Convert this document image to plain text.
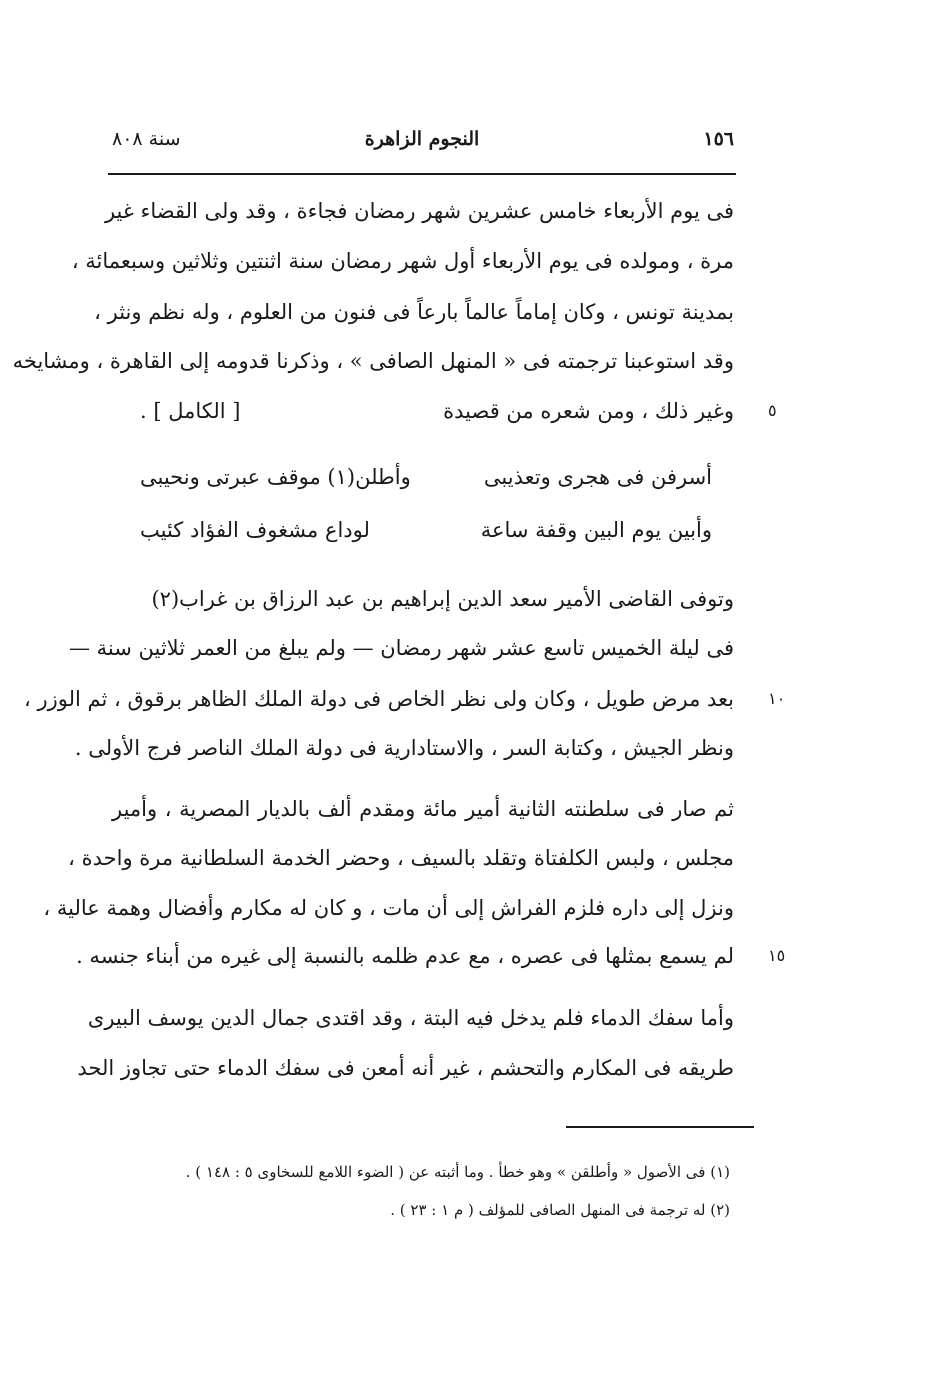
١٥٦
النجوم الزاهرة
سنة ٨٠٨
فى يوم الأربعاء خامس عشرين شهر رمضان فجاءة ، وقد ولى القضاء غير
مرة ، ومولده فى يوم الأربعاء أول شهر رمضان سنة اثنتين وثلاثين وسبعمائة ،
بمدينة تونس ، وكان إماماً عالماً بارعاً فى فنون من العلوم ، وله نظم ونثر ،
وقد استوعبنا ترجمته فى « المنهل الصافى » ، وذكرنا قدومه إلى القاهرة ، ومشايخه
وغير ذلك ، ومن شعره من قصيدة
[ الكامل ] .	٥
أسرفن فى هجرى وتعذيبى
وأطلن(١) موقف عبرتى ونحيبى
وأبين يوم البين وقفة ساعة
لوداع مشغوف الفؤاد كئيب
وتوفى القاضى الأمير سعد الدين إبراهيم بن عبد الرزاق بن غراب(٢)
فى ليلة الخميس تاسع عشر شهر رمضان — ولم يبلغ من العمر ثلاثين سنة —
بعد مرض طويل ، وكان ولى نظر الخاص فى دولة الملك الظاهر برقوق ، ثم الوزر ، ١٠
ونظر الجيش ، وكتابة السر ، والاستادارية فى دولة الملك الناصر فرج الأولى .
ثم صار فى سلطنته الثانية أمير مائة ومقدم ألف بالديار المصرية ، وأمير
مجلس ، ولبس الكلفتاة وتقلد بالسيف ، وحضر الخدمة السلطانية مرة واحدة ،
ونزل إلى داره فلزم الفراش إلى أن مات ، و كان له مكارم وأفضال وهمة عالية ،
لم يسمع بمثلها فى عصره ، مع عدم ظلمه بالنسبة إلى غيره من أبناء جنسه . ١٥
وأما سفك الدماء فلم يدخل فيه البتة ، وقد اقتدى جمال الدين يوسف البيرى
طريقه فى المكارم والتحشم ، غير أنه أمعن فى سفك الدماء حتى تجاوز الحد
(١) فى الأصول « وأطلقن » وهو خطأ . وما أثبته عن ( الضوء اللامع للسخاوى ٥ : ١٤٨ ) .
(٢) له ترجمة فى المنهل الصافى للمؤلف ( م ١ : ٢٣ ) .
